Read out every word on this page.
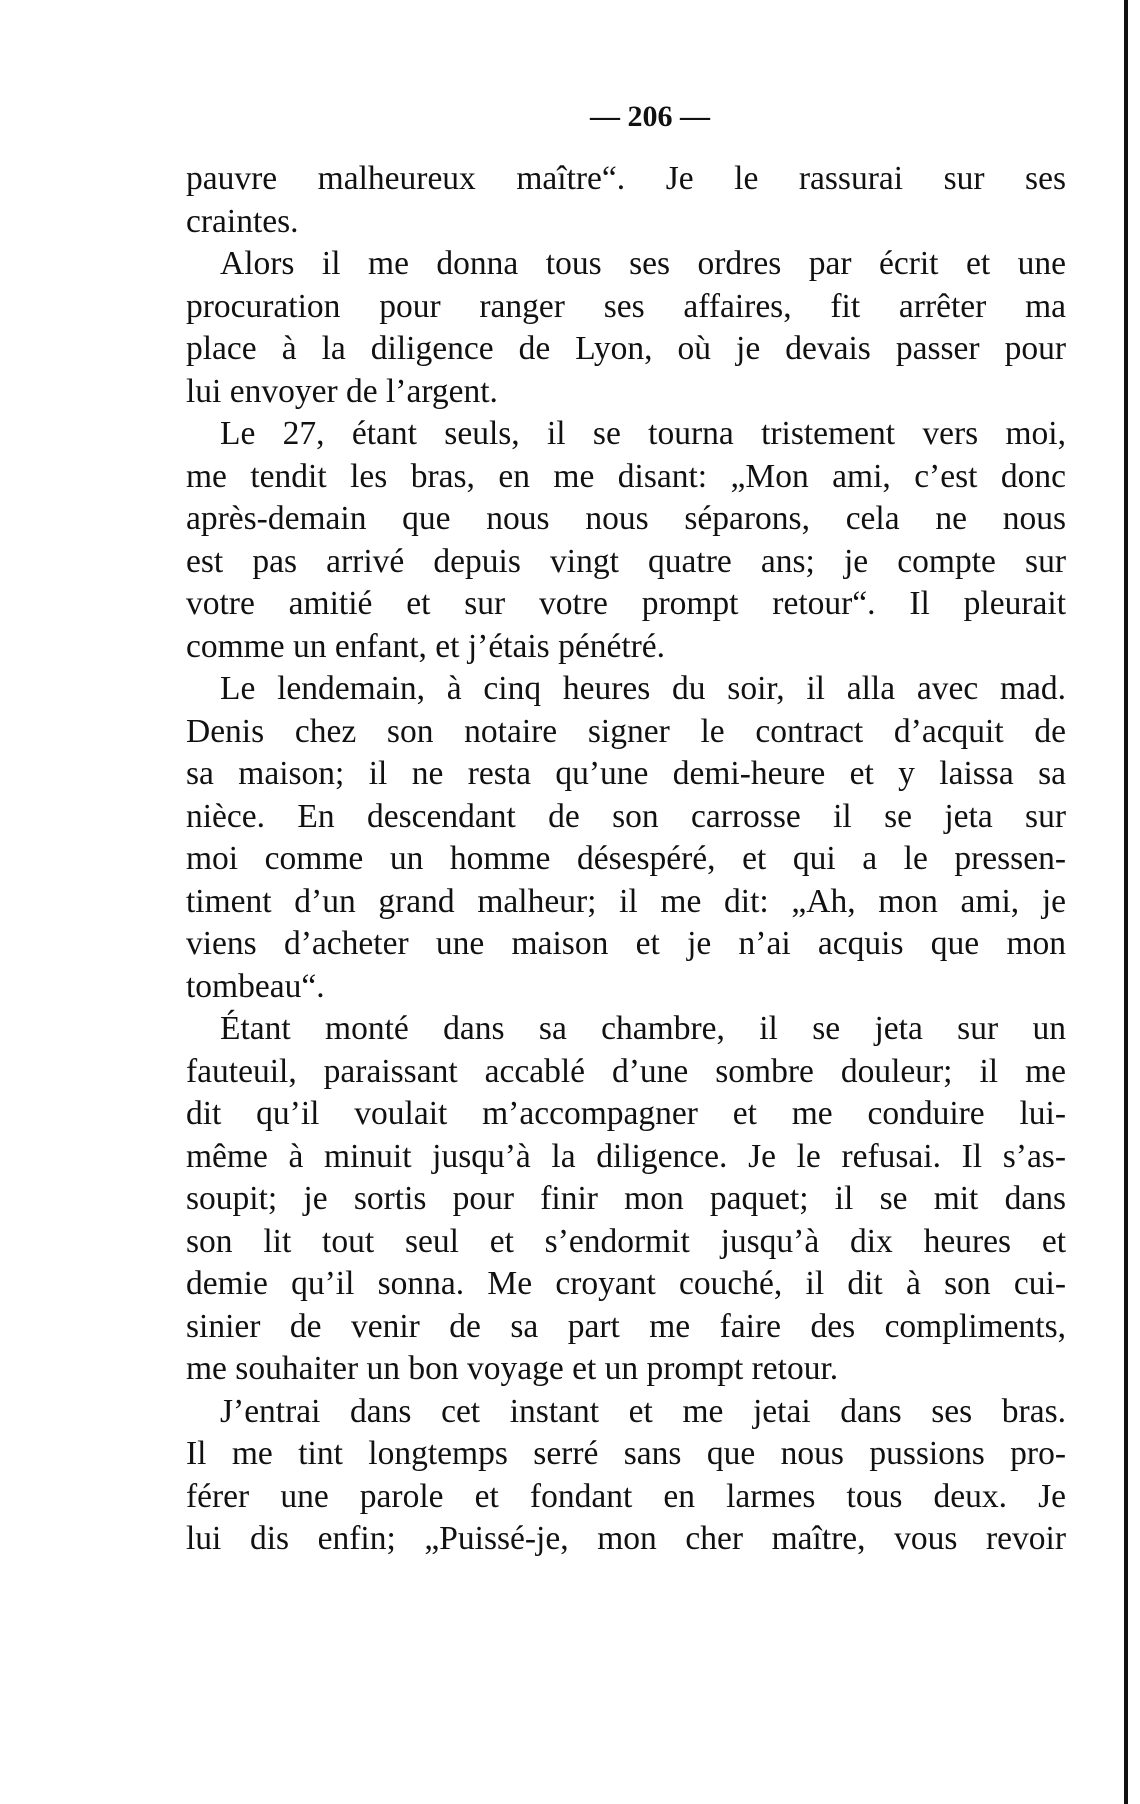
— 206 —
pauvre malheureux maître“. Je le rassurai sur ses
craintes.
Alors il me donna tous ses ordres par écrit et une
procuration pour ranger ses affaires, fit arrêter ma
place à la diligence de Lyon, où je devais passer pour
lui envoyer de l’argent.
Le 27, étant seuls, il se tourna tristement vers moi,
me tendit les bras, en me disant: „Mon ami, c’est donc
après-demain que nous nous séparons, cela ne nous
est pas arrivé depuis vingt quatre ans; je compte sur
votre amitié et sur votre prompt retour“. Il pleurait
comme un enfant, et j’étais pénétré.
Le lendemain, à cinq heures du soir, il alla avec mad.
Denis chez son notaire signer le contract d’acquit de
sa maison; il ne resta qu’une demi-heure et y laissa sa
nièce. En descendant de son carrosse il se jeta sur
moi comme un homme désespéré, et qui a le pressen-
timent d’un grand malheur; il me dit: „Ah, mon ami, je
viens d’acheter une maison et je n’ai acquis que mon
tombeau“.
Étant monté dans sa chambre, il se jeta sur un
fauteuil, paraissant accablé d’une sombre douleur; il me
dit qu’il voulait m’accompagner et me conduire lui-
même à minuit jusqu’à la diligence. Je le refusai. Il s’as-
soupit; je sortis pour finir mon paquet; il se mit dans
son lit tout seul et s’endormit jusqu’à dix heures et
demie qu’il sonna. Me croyant couché, il dit à son cui-
sinier de venir de sa part me faire des compliments,
me souhaiter un bon voyage et un prompt retour.
J’entrai dans cet instant et me jetai dans ses bras.
Il me tint longtemps serré sans que nous pussions pro-
férer une parole et fondant en larmes tous deux. Je
lui dis enfin; „Puissé-je, mon cher maître, vous revoir
